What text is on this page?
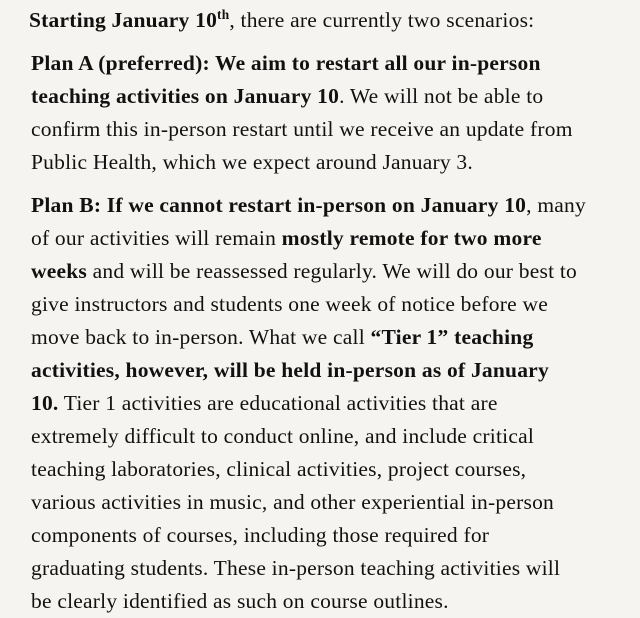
Starting January 10th, there are currently two scenarios:
Plan A (preferred): We aim to restart all our in-person
teaching activities on January 10. We will not be able to
confirm this in-person restart until we receive an update from
Public Health, which we expect around January 3.
Plan B: If we cannot restart in-person on January 10, many
of our activities will remain mostly remote for two more
weeks and will be reassessed regularly. We will do our best to
give instructors and students one week of notice before we
move back to in-person. What we call “Tier 1” teaching
activities, however, will be held in-person as of January
10. Tier 1 activities are educational activities that are
extremely difficult to conduct online, and include critical
teaching laboratories, clinical activities, project courses,
various activities in music, and other experiential in-person
components of courses, including those required for
graduating students. These in-person teaching activities will
be clearly identified as such on course outlines.
